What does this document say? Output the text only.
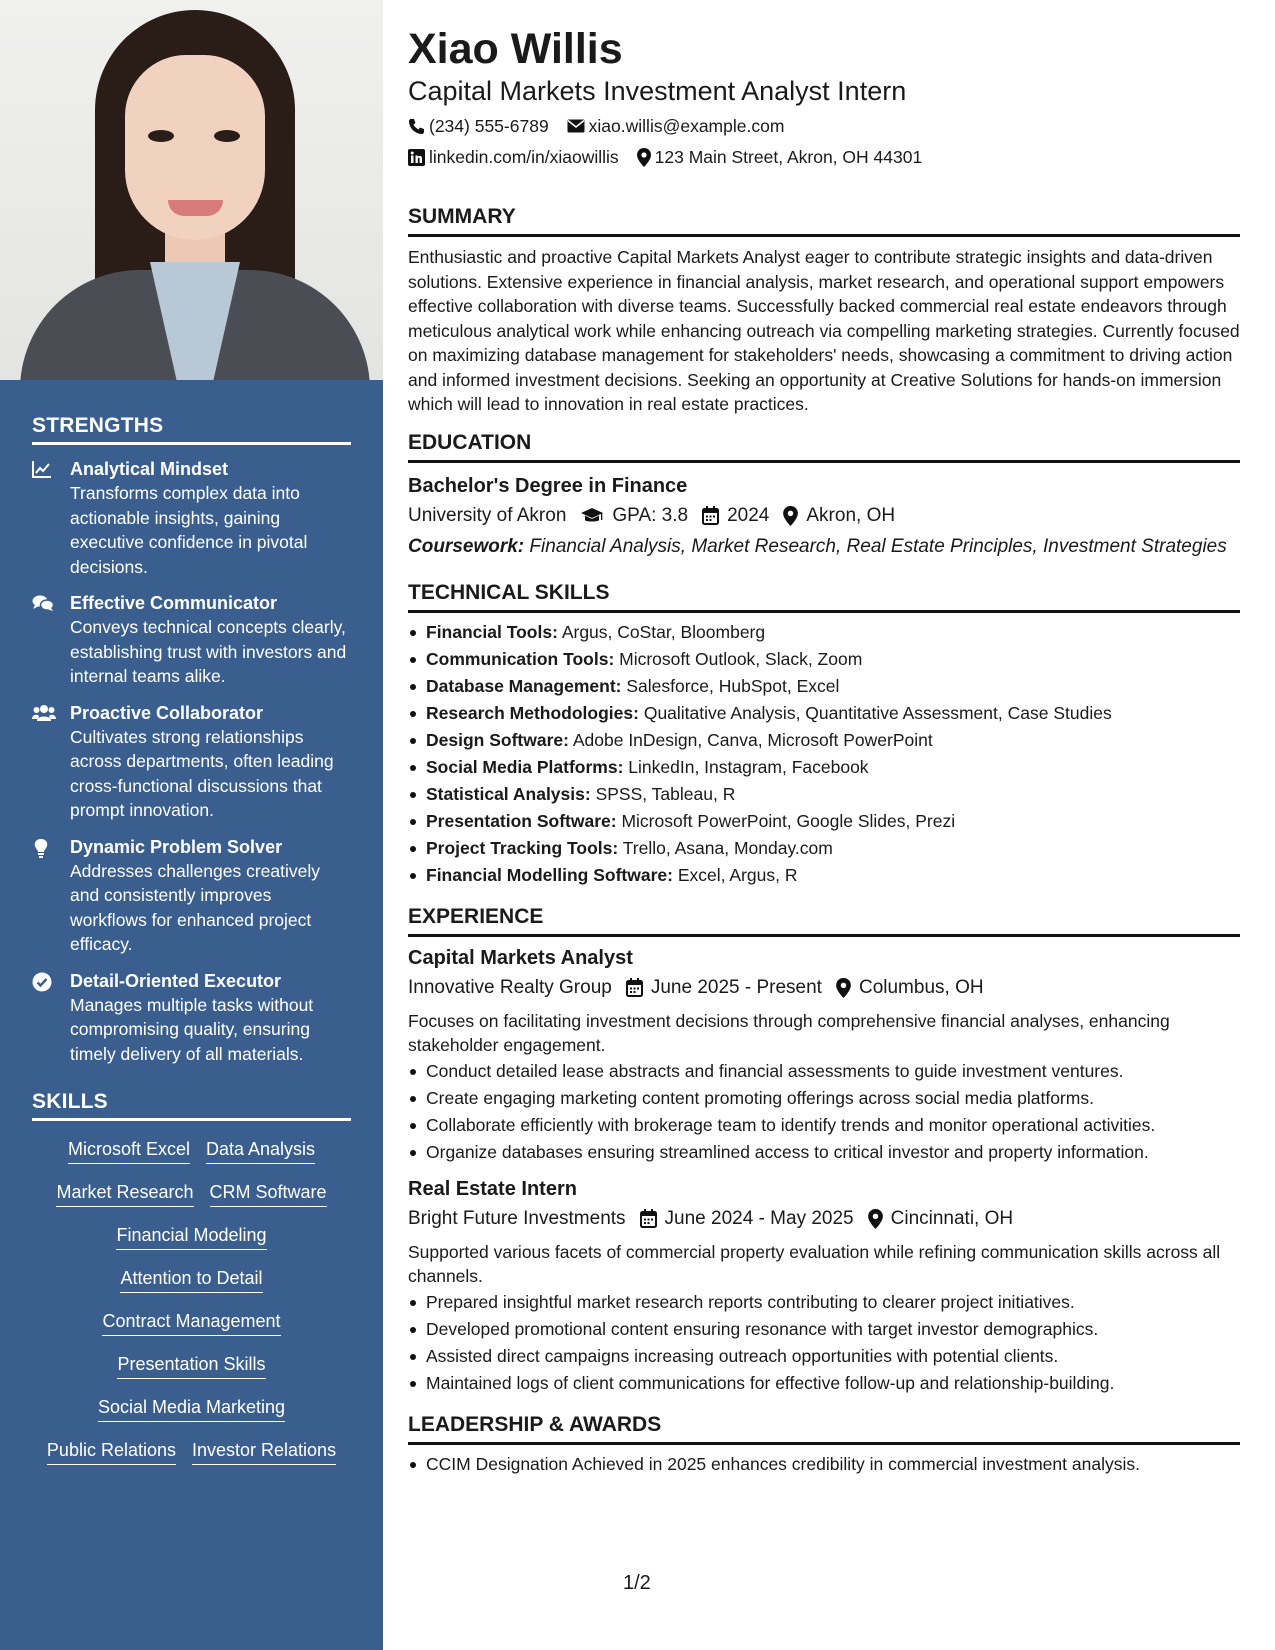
STRENGTHS
Analytical Mindset
Transforms complex data into actionable insights, gaining executive confidence in pivotal decisions.
Effective Communicator
Conveys technical concepts clearly, establishing trust with investors and internal teams alike.
Proactive Collaborator
Cultivates strong relationships across departments, often leading cross-functional discussions that prompt innovation.
Dynamic Problem Solver
Addresses challenges creatively and consistently improves workflows for enhanced project efficacy.
Detail-Oriented Executor
Manages multiple tasks without compromising quality, ensuring timely delivery of all materials.
SKILLS
Microsoft Excel Data Analysis
Market Research CRM Software
Financial Modeling
Attention to Detail
Contract Management
Presentation Skills
Social Media Marketing
Public Relations Investor Relations
Xiao Willis
Capital Markets Investment Analyst Intern
(234) 555-6789 xiao.willis@example.com
linkedin.com/in/xiaowillis 123 Main Street, Akron, OH 44301
SUMMARY
Enthusiastic and proactive Capital Markets Analyst eager to contribute strategic insights and data-driven solutions. Extensive experience in financial analysis, market research, and operational support empowers effective collaboration with diverse teams. Successfully backed commercial real estate endeavors through meticulous analytical work while enhancing outreach via compelling marketing strategies. Currently focused on maximizing database management for stakeholders' needs, showcasing a commitment to driving action and informed investment decisions. Seeking an opportunity at Creative Solutions for hands-on immersion which will lead to innovation in real estate practices.
EDUCATION
Bachelor's Degree in Finance
University of Akron GPA: 3.8 2024 Akron, OH
Coursework: Financial Analysis, Market Research, Real Estate Principles, Investment Strategies
TECHNICAL SKILLS
Financial Tools: Argus, CoStar, Bloomberg
Communication Tools: Microsoft Outlook, Slack, Zoom
Database Management: Salesforce, HubSpot, Excel
Research Methodologies: Qualitative Analysis, Quantitative Assessment, Case Studies
Design Software: Adobe InDesign, Canva, Microsoft PowerPoint
Social Media Platforms: LinkedIn, Instagram, Facebook
Statistical Analysis: SPSS, Tableau, R
Presentation Software: Microsoft PowerPoint, Google Slides, Prezi
Project Tracking Tools: Trello, Asana, Monday.com
Financial Modelling Software: Excel, Argus, R
EXPERIENCE
Capital Markets Analyst
Innovative Realty Group June 2025 - Present Columbus, OH
Focuses on facilitating investment decisions through comprehensive financial analyses, enhancing stakeholder engagement.
Conduct detailed lease abstracts and financial assessments to guide investment ventures.
Create engaging marketing content promoting offerings across social media platforms.
Collaborate efficiently with brokerage team to identify trends and monitor operational activities.
Organize databases ensuring streamlined access to critical investor and property information.
Real Estate Intern
Bright Future Investments June 2024 - May 2025 Cincinnati, OH
Supported various facets of commercial property evaluation while refining communication skills across all channels.
Prepared insightful market research reports contributing to clearer project initiatives.
Developed promotional content ensuring resonance with target investor demographics.
Assisted direct campaigns increasing outreach opportunities with potential clients.
Maintained logs of client communications for effective follow-up and relationship-building.
LEADERSHIP & AWARDS
CCIM Designation Achieved in 2025 enhances credibility in commercial investment analysis.
1/2
